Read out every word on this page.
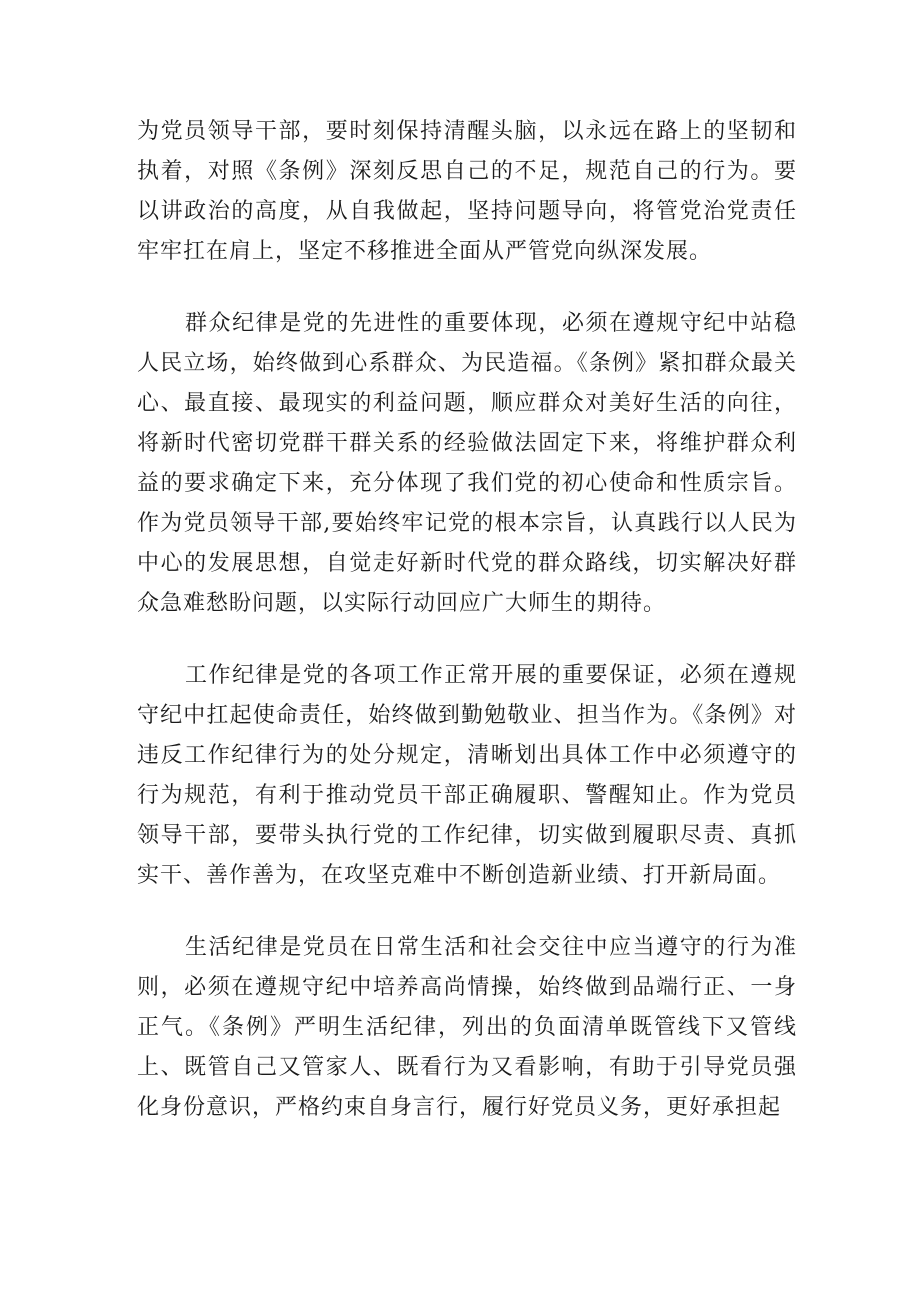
为党员领导干部，要时刻保持清醒头脑，以永远在路上的坚韧和执着，对照《条例》深刻反思自己的不足，规范自己的行为。要以讲政治的高度，从自我做起，坚持问题导向，将管党治党责任牢牢扛在肩上，坚定不移推进全面从严管党向纵深发展。

群众纪律是党的先进性的重要体现，必须在遵规守纪中站稳人民立场，始终做到心系群众、为民造福。《条例》紧扣群众最关心、最直接、最现实的利益问题，顺应群众对美好生活的向往，将新时代密切党群干群关系的经验做法固定下来，将维护群众利益的要求确定下来，充分体现了我们党的初心使命和性质宗旨。作为党员领导干部,要始终牢记党的根本宗旨，认真践行以人民为中心的发展思想，自觉走好新时代党的群众路线，切实解决好群众急难愁盼问题，以实际行动回应广大师生的期待。

工作纪律是党的各项工作正常开展的重要保证，必须在遵规守纪中扛起使命责任，始终做到勤勉敬业、担当作为。《条例》对违反工作纪律行为的处分规定，清晰划出具体工作中必须遵守的行为规范，有利于推动党员干部正确履职、警醒知止。作为党员领导干部，要带头执行党的工作纪律，切实做到履职尽责、真抓实干、善作善为，在攻坚克难中不断创造新业绩、打开新局面。

生活纪律是党员在日常生活和社会交往中应当遵守的行为准则，必须在遵规守纪中培养高尚情操，始终做到品端行正、一身正气。《条例》严明生活纪律，列出的负面清单既管线下又管线上、既管自己又管家人、既看行为又看影响，有助于引导党员强化身份意识，严格约束自身言行，履行好党员义务，更好承担起
